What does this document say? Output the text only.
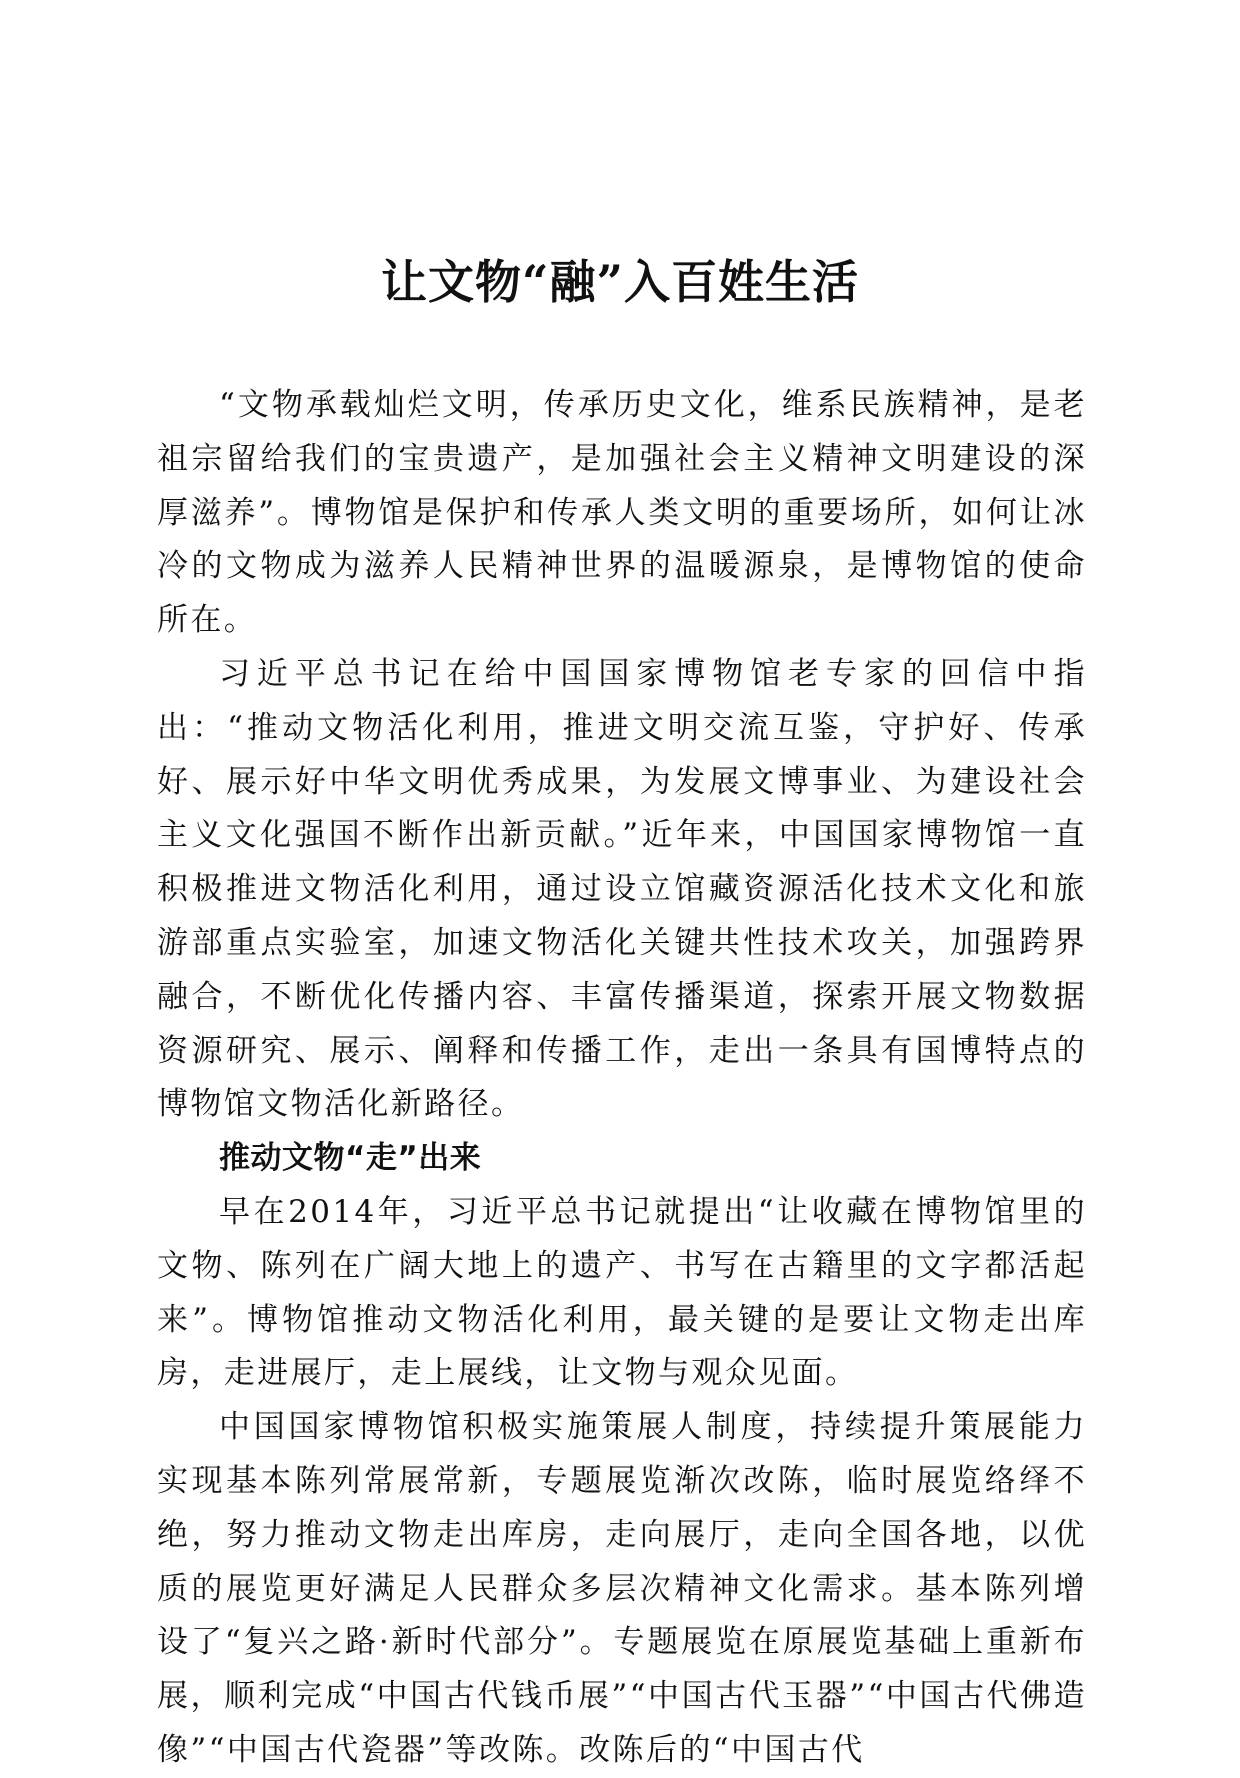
让文物“融”入百姓生活

“文物承载灿烂文明，传承历史文化，维系民族精神，是老祖宗留给我们的宝贵遗产，是加强社会主义精神文明建设的深厚滋养”。博物馆是保护和传承人类文明的重要场所，如何让冰冷的文物成为滋养人民精神世界的温暖源泉，是博物馆的使命所在。

习近平总书记在给中国国家博物馆老专家的回信中指出：“推动文物活化利用，推进文明交流互鉴，守护好、传承好、展示好中华文明优秀成果，为发展文博事业、为建设社会主义文化强国不断作出新贡献。”近年来，中国国家博物馆一直积极推进文物活化利用，通过设立馆藏资源活化技术文化和旅游部重点实验室，加速文物活化关键共性技术攻关，加强跨界融合，不断优化传播内容、丰富传播渠道，探索开展文物数据资源研究、展示、阐释和传播工作，走出一条具有国博特点的博物馆文物活化新路径。

推动文物“走”出来

早在2014年，习近平总书记就提出“让收藏在博物馆里的文物、陈列在广阔大地上的遗产、书写在古籍里的文字都活起来”。博物馆推动文物活化利用，最关键的是要让文物走出库房，走进展厅，走上展线，让文物与观众见面。

中国国家博物馆积极实施策展人制度，持续提升策展能力实现基本陈列常展常新，专题展览渐次改陈，临时展览络绎不绝，努力推动文物走出库房，走向展厅，走向全国各地，以优质的展览更好满足人民群众多层次精神文化需求。基本陈列增设了“复兴之路·新时代部分”。专题展览在原展览基础上重新布展，顺利完成“中国古代钱币展”“中国古代玉器”“中国古代佛造像”“中国古代瓷器”等改陈。改陈后的“中国古代
